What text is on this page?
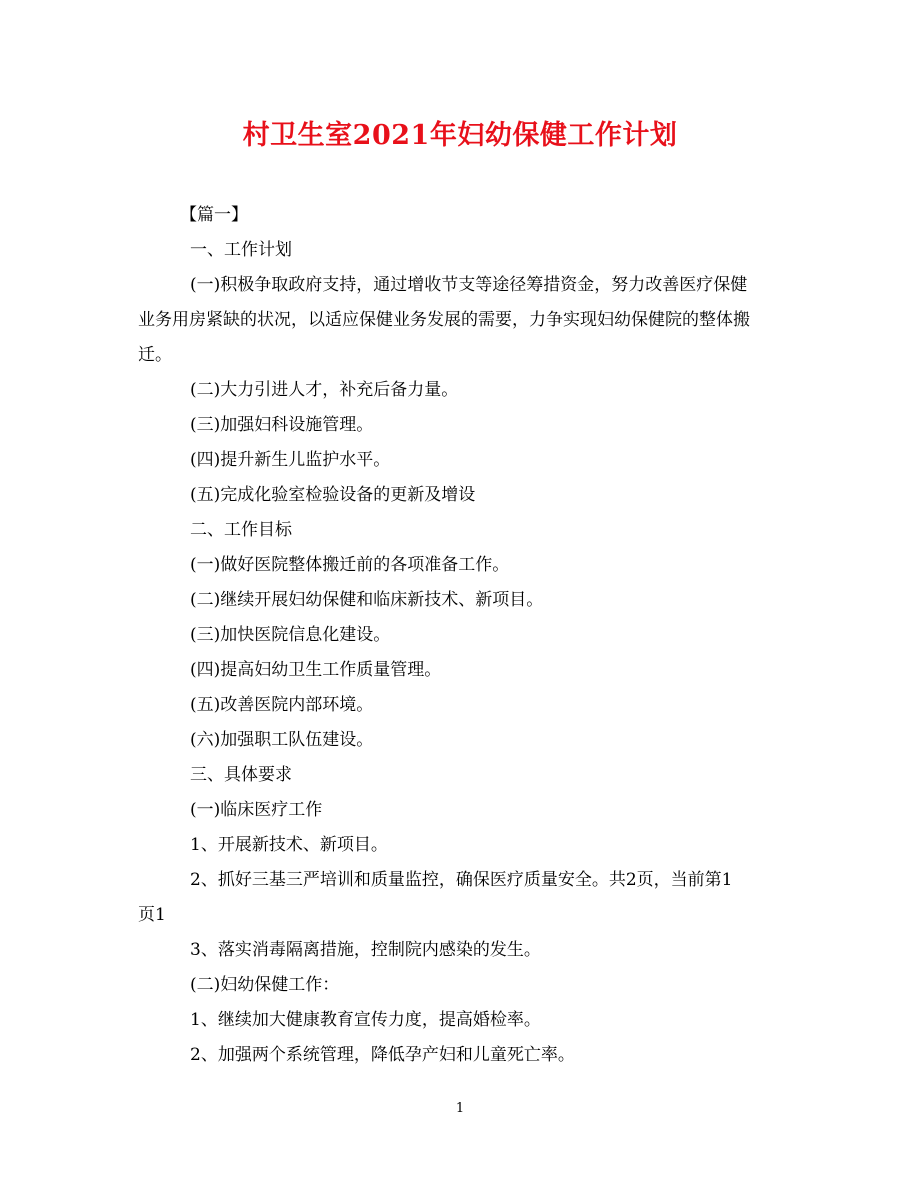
村卫生室2021年妇幼保健工作计划
【篇一】
一、工作计划
(一)积极争取政府支持，通过增收节支等途径筹措资金，努力改善医疗保健
业务用房紧缺的状况，以适应保健业务发展的需要，力争实现妇幼保健院的整体搬
迁。
(二)大力引进人才，补充后备力量。
(三)加强妇科设施管理。
(四)提升新生儿监护水平。
(五)完成化验室检验设备的更新及增设
二、工作目标
(一)做好医院整体搬迁前的各项准备工作。
(二)继续开展妇幼保健和临床新技术、新项目。
(三)加快医院信息化建设。
(四)提高妇幼卫生工作质量管理。
(五)改善医院内部环境。
(六)加强职工队伍建设。
三、具体要求
(一)临床医疗工作
1、开展新技术、新项目。
2、抓好三基三严培训和质量监控，确保医疗质量安全。共2页，当前第1
页1
3、落实消毒隔离措施，控制院内感染的发生。
(二)妇幼保健工作：
1、继续加大健康教育宣传力度，提高婚检率。
2、加强两个系统管理，降低孕产妇和儿童死亡率。
1
